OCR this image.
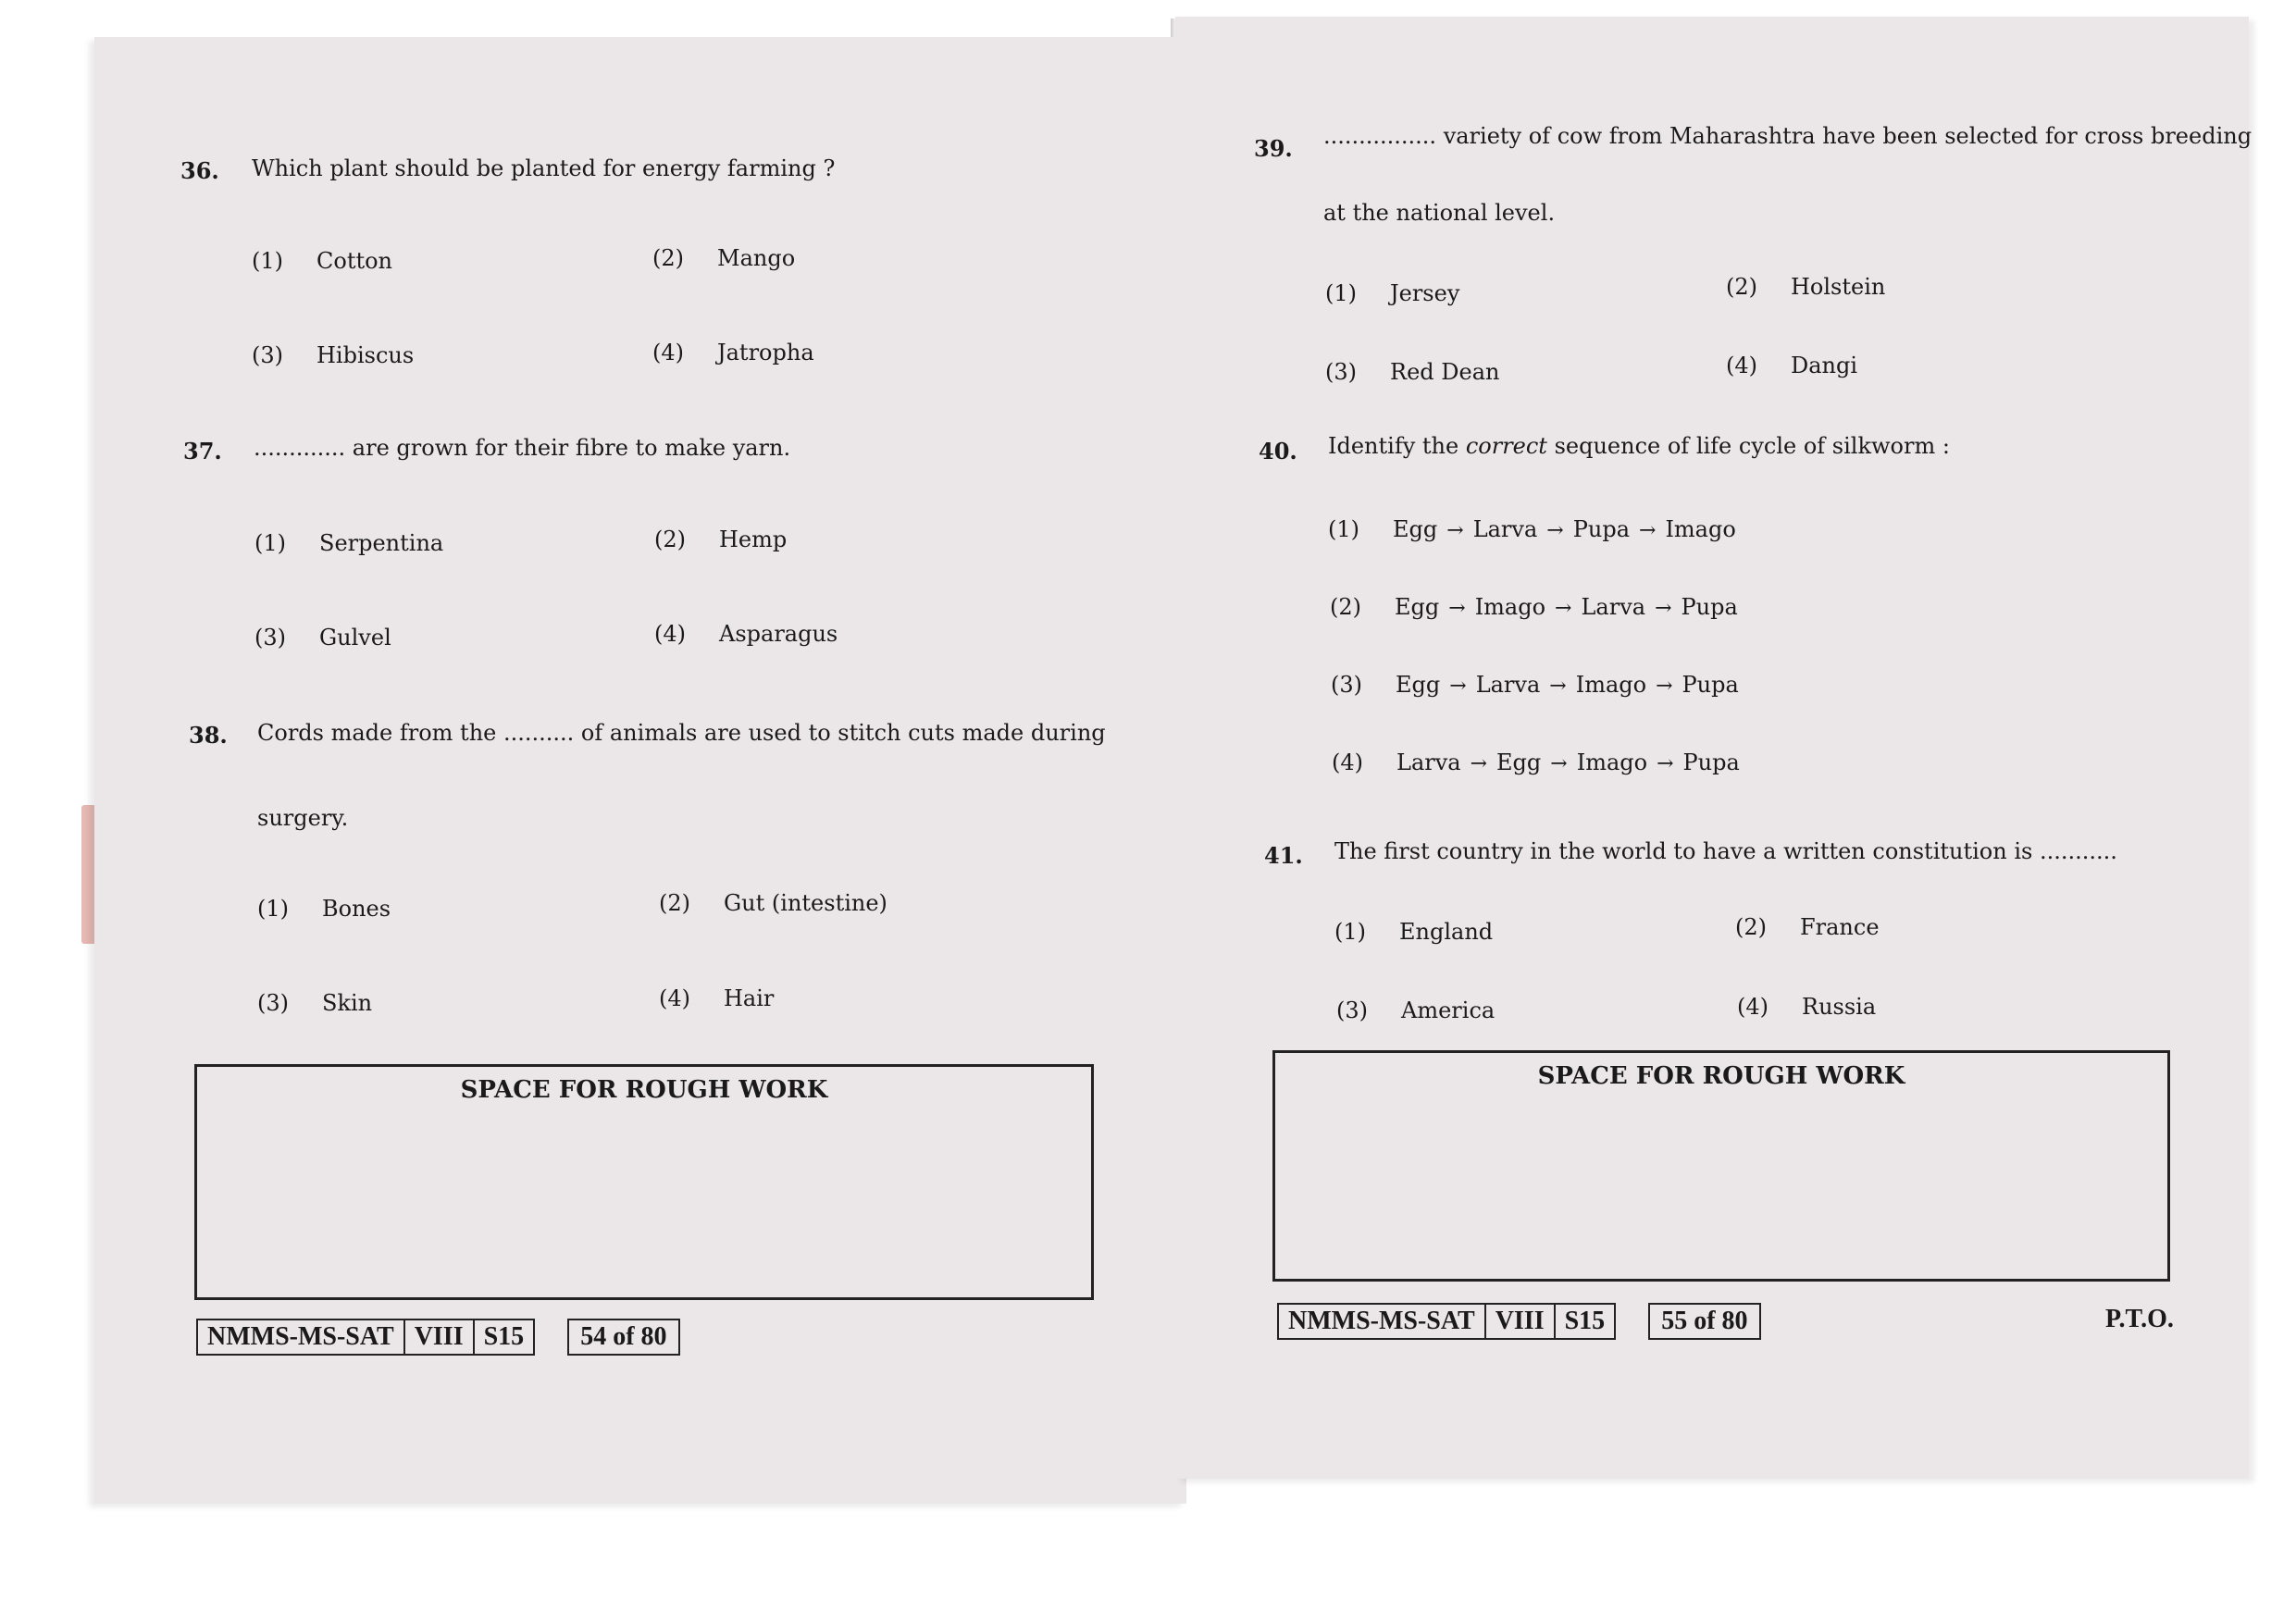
36. Which plant should be planted for energy farming ?
(1) Cotton	(2) Mango
(3) Hibiscus	(4) Jatropha
37. ............. are grown for their fibre to make yarn.
(1) Serpentina	(2) Hemp
(3) Gulvel	(4) Asparagus
38. Cords made from the .......... of animals are used to stitch cuts made during
surgery.
(1) Bones	(2) Gut (intestine)
(3) Skin	(4) Hair
SPACE FOR ROUGH WORK
NMMS-MS-SAT VIII S15	54 of 80
39. ................ variety of cow from Maharashtra have been selected for cross breeding
at the national level.
(1) Jersey	(2) Holstein
(3) Red Dean	(4) Dangi
40. Identify the correct sequence of life cycle of silkworm :
(1) Egg → Larva → Pupa → Imago
(2) Egg → Imago → Larva → Pupa
(3) Egg → Larva → Imago → Pupa
(4) Larva → Egg → Imago → Pupa
41. The first country in the world to have a written constitution is ...........
(1) England	(2) France
(3) America	(4) Russia
SPACE FOR ROUGH WORK
NMMS-MS-SAT VIII S15	55 of 80	P.T.O.
